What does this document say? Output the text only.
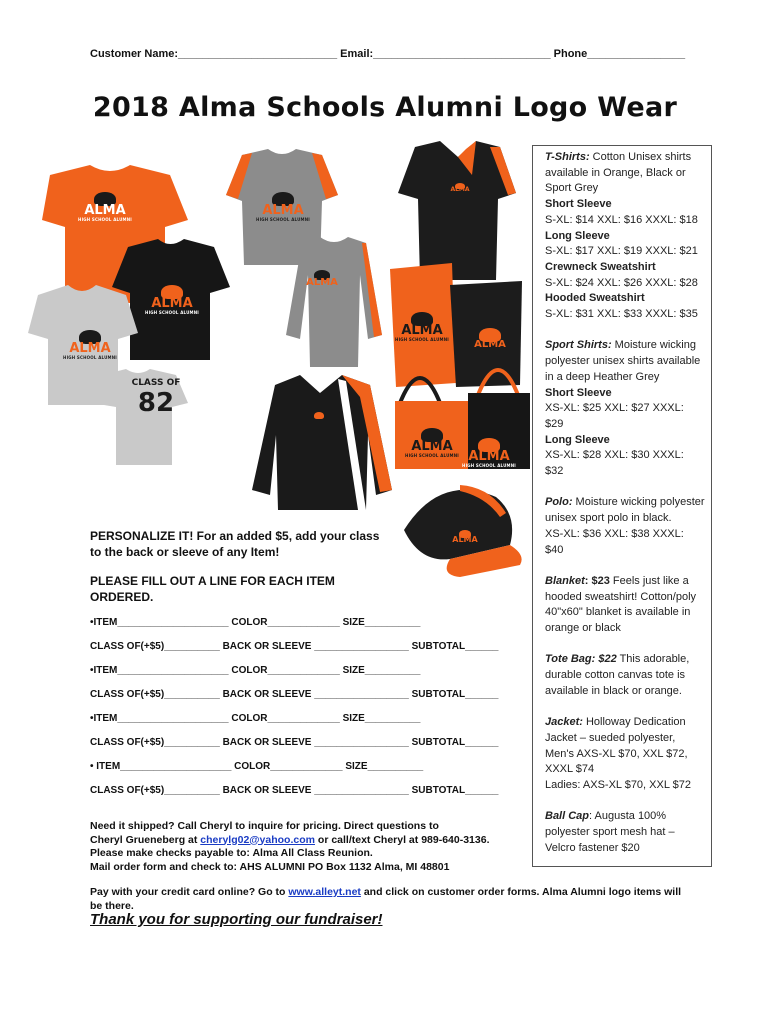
Customer Name:__________________________ Email:_____________________________ Phone________________
2018 Alma Schools Alumni Logo Wear
ALMA
HIGH SCHOOL ALUMNI
ALMA
HIGH SCHOOL ALUMNI
ALMA
ALMA
HIGH SCHOOL ALUMNI
ALMA
ALMA
HIGH SCHOOL ALUMNI	ALMA
ALMA
HIGH SCHOOL ALUMNI
ALMA
HIGH SCHOOL ALUMNI ALMA
HIGH SCHOOL ALUMNI
ALMA
CLASS OF
82
T-Shirts: Cotton Unisex shirts available in Orange, Black or Sport Grey
Short Sleeve
S-XL: $14 XXL: $16 XXXL: $18
Long Sleeve
S-XL: $17 XXL: $19 XXXL: $21
Crewneck Sweatshirt
S-XL: $24 XXL: $26 XXXL: $28
Hooded Sweatshirt
S-XL: $31 XXL: $33 XXXL: $35
Sport Shirts: Moisture wicking polyester unisex shirts available in a deep Heather Grey
Short Sleeve
XS-XL: $25 XXL: $27 XXXL: $29
Long Sleeve
XS-XL: $28 XXL: $30 XXXL: $32
Polo: Moisture wicking polyester unisex sport polo in black.
XS-XL: $36 XXL: $38 XXXL: $40
Blanket: $23 Feels just like a hooded sweatshirt! Cotton/poly 40"x60" blanket is available in orange or black
Tote Bag: $22 This adorable, durable cotton canvas tote is available in black or orange.
Jacket: Holloway Dedication Jacket – sueded polyester, Men's AXS-XL $70, XXL $72, XXXL $74
Ladies: AXS-XL $70, XXL $72
Ball Cap: Augusta 100% polyester sport mesh hat – Velcro fastener $20
PERSONALIZE IT! For an added $5, add your class to the back or sleeve of any Item!
PLEASE FILL OUT A LINE FOR EACH ITEM ORDERED.
•ITEM____________________ COLOR_____________ SIZE__________
CLASS OF(+$5)__________ BACK OR SLEEVE _________________ SUBTOTAL______
•ITEM____________________ COLOR_____________ SIZE__________
CLASS OF(+$5)__________ BACK OR SLEEVE _________________ SUBTOTAL______
•ITEM____________________ COLOR_____________ SIZE__________
CLASS OF(+$5)__________ BACK OR SLEEVE _________________ SUBTOTAL______
• ITEM____________________ COLOR_____________ SIZE__________
CLASS OF(+$5)__________ BACK OR SLEEVE _________________ SUBTOTAL______
Need it shipped? Call Cheryl to inquire for pricing. Direct questions to
Cheryl Grueneberg at cherylg02@yahoo.com or call/text Cheryl at 989-640-3136.
Please make checks payable to: Alma All Class Reunion.
Mail order form and check to: AHS ALUMNI PO Box 1132 Alma, MI 48801
Pay with your credit card online? Go to www.alleyt.net and click on customer order forms. Alma Alumni logo items will be there.
Thank you for supporting our fundraiser!
